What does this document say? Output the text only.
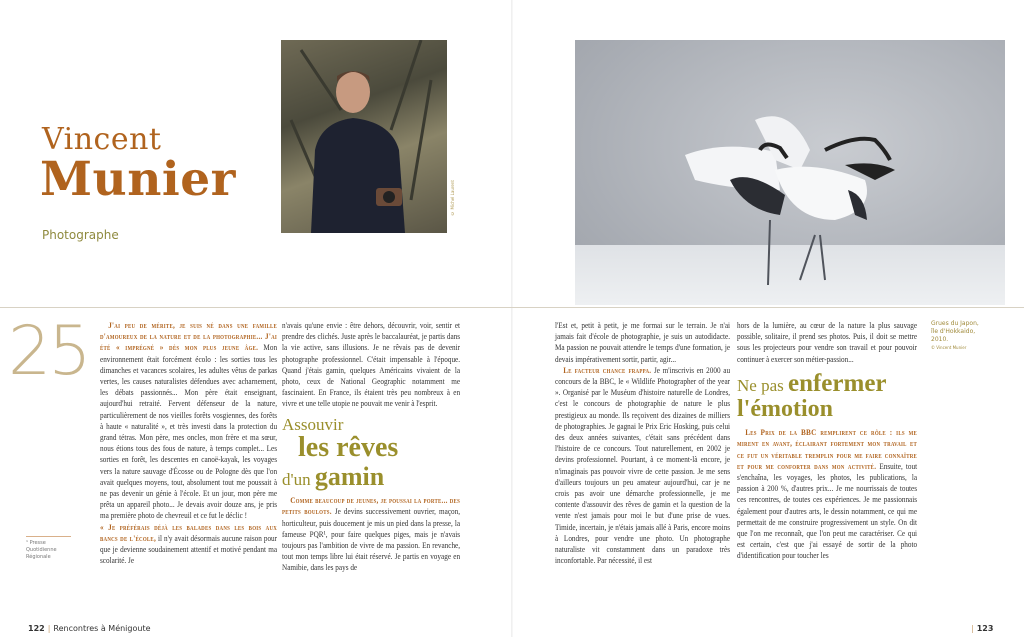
Vincent
Munier
Photographe
© Michel Laurent
25	J'ai peu de mérite, je suis né dans une famille d'amoureux de la nature et de la photographie... J'ai été « imprégné » dès mon plus jeune âge. Mon environnement était forcément écolo : les sorties tous les dimanches et vacances scolaires, les adultes vêtus de parkas vertes, les causes naturalistes défendues avec acharnement, les débats passionnés... Mon père était enseignant, aujourd'hui retraité. Fervent défenseur de la nature, particulièrement de nos vieilles forêts vosgiennes, des forêts à haute « naturalité », et très investi dans la protection du grand tétras. Mon père, mes oncles, mon frère et ma sœur, nous étions tous des fous de nature, à temps complet... Les sorties en forêt, les descentes en canoë-kayak, les voyages vers la nature sauvage d'Écosse ou de Pologne dès que l'on avait quelques moyens, tout, absolument tout me poussait à ne pas devenir un génie à l'école. Et un jour, mon père me prêta un appareil photo... Je devais avoir douze ans, je pris ma première photo de chevreuil et ce fut le déclic !

« Je préférais déjà les balades dans les bois aux bancs de l'école, il n'y avait désormais aucune raison pour que je devienne soudainement attentif et motivé pendant ma scolarité. Je

n'avais qu'une envie : être dehors, découvrir, voir, sentir et prendre des clichés. Juste après le baccalauréat, je partis dans la vie active, sans illusions. Je ne rêvais pas de devenir photographe professionnel. C'était impensable à l'époque. Quand j'étais gamin, quelques Américains vivaient de la photo, ceux de National Geographic notamment me fascinaient. En France, ils étaient très peu nombreux à en vivre et une telle utopie ne pouvait me venir à l'esprit.

Assouvir
les rêves
d'un gamin

Comme beaucoup de jeunes, je poussai la porte... des petits boulots. Je devins successivement ouvrier, maçon, horticulteur, puis doucement je mis un pied dans la presse, la fameuse PQR¹, pour faire quelques piges, mais je n'avais toujours pas l'ambition de vivre de ma passion. En revanche, tout mon temps libre lui était réservé. Je partis en voyage en Namibie, dans les pays de

¹ Presse
Quotidienne
Régionale

l'Est et, petit à petit, je me formai sur le terrain. Je n'ai jamais fait d'école de photographie, je suis un autodidacte. Ma passion ne pouvait attendre le temps d'une formation, je devais impérativement sortir, partir, agir...

Le facteur chance frappa. Je m'inscrivis en 2000 au concours de la BBC, le « Wildlife Photographer of the year ». Organisé par le Muséum d'histoire naturelle de Londres, c'est le concours de photographie de nature le plus prestigieux au monde. Ils reçoivent des dizaines de milliers de photographies. Je gagnai le Prix Eric Hosking, puis celui des deux années suivantes, c'était sans précédent dans l'histoire de ce concours. Tout naturellement, en 2002 je devins professionnel. Pourtant, à ce moment-là encore, je n'imaginais pas pouvoir vivre de cette passion. Je me sens d'ailleurs toujours un peu amateur aujourd'hui, car je ne crois pas avoir une démarche professionnelle, je me contente d'assouvir des rêves de gamin et la question de la vente n'est jamais pour moi le but d'une prise de vues. Timide, incertain, je n'étais jamais allé à Paris, encore moins à Londres, pour vendre une photo. Un photographe naturaliste vit constamment dans un paradoxe très inconfortable. Par nécessité, il est

hors de la lumière, au cœur de la nature la plus sauvage possible, solitaire, il prend ses photos. Puis, il doit se mettre sous les projecteurs pour vendre son travail et pour pouvoir continuer à exercer son métier-passion...

Ne pas enfermer
l'émotion

Les Prix de la BBC remplirent ce rôle : ils me mirent en avant, éclairant fortement mon travail et ce fut un véritable tremplin pour me faire connaître et pour me conforter dans mon activité. Ensuite, tout s'enchaîna, les voyages, les photos, les publications, la passion à 200 %, d'autres prix... Je me nourrissais de toutes ces rencontres, de toutes ces expériences. Je me passionnais également pour d'autres arts, le dessin notamment, ce qui me permettait de me construire progressivement un style. On dit que l'on me reconnaît, que l'on peut me caractériser. Ce qui est certain, c'est que j'ai essayé de sortir de la photo d'identification pour toucher les

Grues du Japon,
île d'Hokkaido,
2010.
© Vincent Munier
122 | Rencontres à Ménigoute	| 123
